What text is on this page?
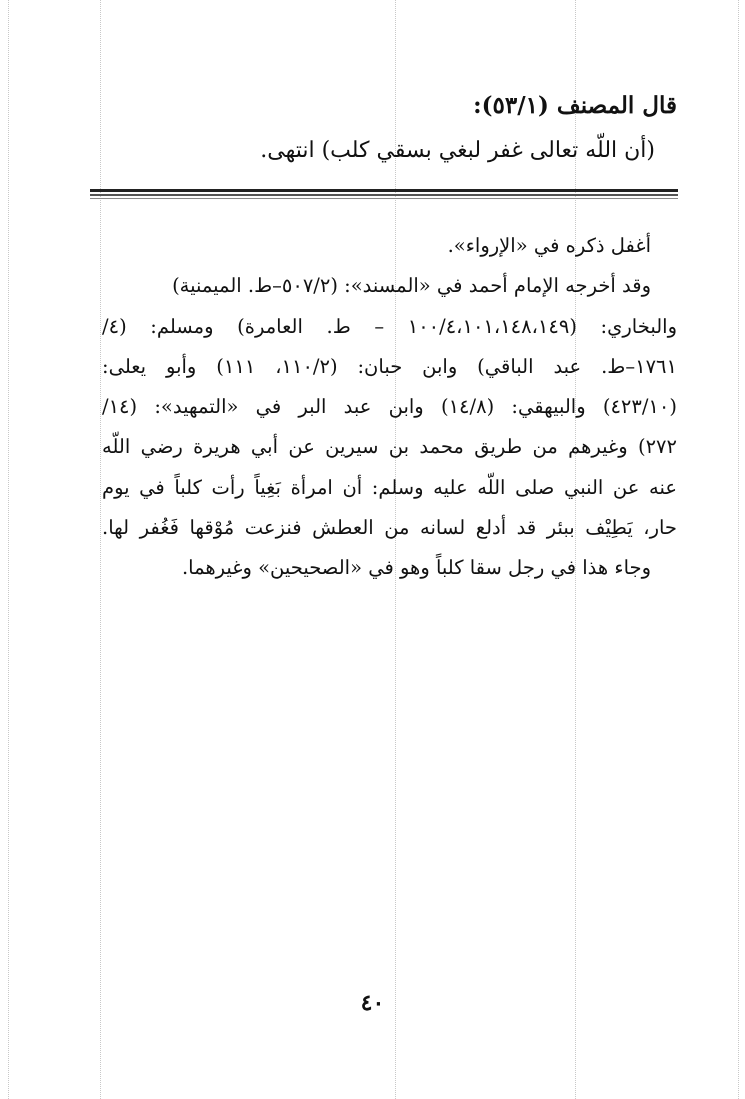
قال المصنف (٥٣/١):
(أن اللّه تعالى غفر لبغي بسقي كلب) انتهى.
أغفل ذكره في «الإرواء».
وقد أخرجه الإمام أحمد في «المسند»: (٥٠٧/٢–ط. الميمنية)
والبخاري: (١٠٠/٤،١٠١،١٤٨،١٤٩ – ط. العامرة) ومسلم: (٤/
١٧٦١–ط. عبد الباقي) وابن حبان: (١١٠/٢، ١١١) وأبو يعلى:
(٤٢٣/١٠) والبيهقي: (١٤/٨) وابن عبد البر في «التمهيد»: (١٤/
٢٧٢) وغيرهم من طريق محمد بن سيرين عن أبي هريرة رضي اللّه
عنه عن النبي صلى اللّه عليه وسلم: أن امرأة بَغِياً رأت كلباً في يوم
حار، يَطِيْف ببئر قد أدلع لسانه من العطش فنزعت مُوْقها فَغُفر لها.
وجاء هذا في رجل سقا كلباً وهو في «الصحيحين» وغيرهما.
٤٠
